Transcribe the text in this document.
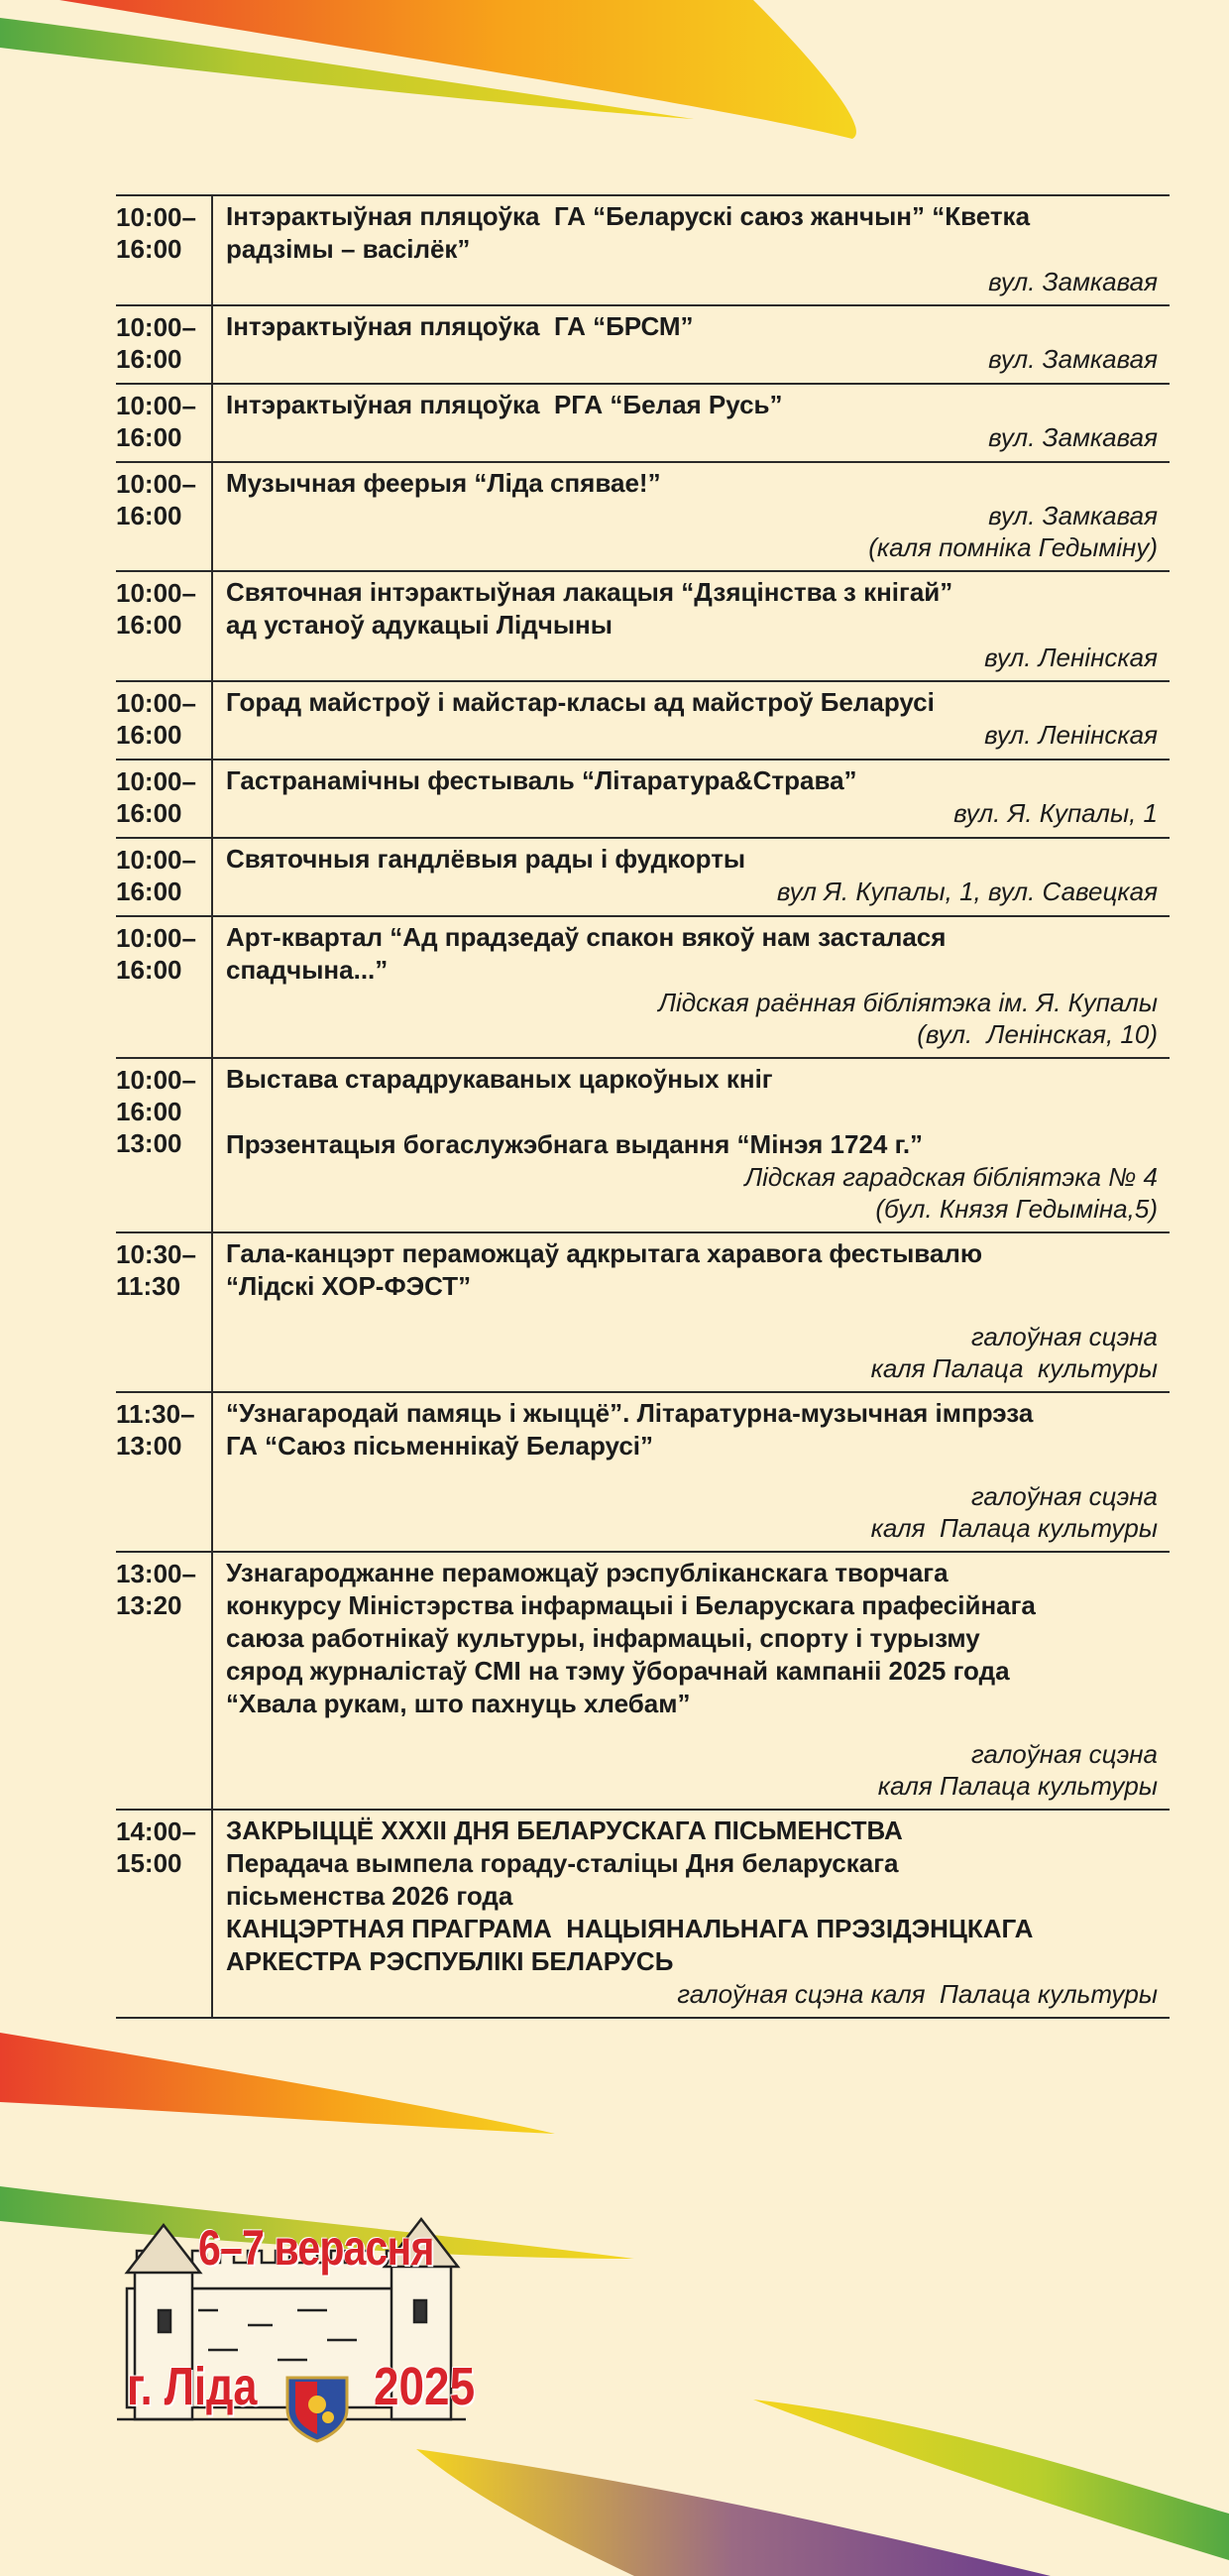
10:00–
16:00
Інтэрактыўная пляцоўка  ГА “Беларускі саюз жанчын” “Кветка
радзімы – васілёк”
вул. Замкавая
10:00–
16:00
Інтэрактыўная пляцоўка  ГА “БРСМ”
вул. Замкавая
10:00–
16:00
Інтэрактыўная пляцоўка  РГА “Белая Русь”
вул. Замкавая
10:00–
16:00
Музычная феерыя “Ліда спявае!”
вул. Замкавая
(каля помніка Гедыміну)
10:00–
16:00
Святочная інтэрактыўная лакацыя “Дзяцінства з кнігай”
ад устаноў адукацыі Лідчыны
вул. Ленінская
10:00–
16:00
Горад майстроў і майстар-класы ад майстроў Беларусі
вул. Ленінская
10:00–
16:00
Гастранамічны фестываль “Літаратура&Страва”
вул. Я. Купалы, 1
10:00–
16:00
Святочныя гандлёвыя рады і фудкорты
вул Я. Купалы, 1, вул. Савецкая
10:00–
16:00
Арт-квартал “Ад прадзедаў спакон вякоў нам засталася
спадчына...”
Лідская раённая бібліятэка ім. Я. Купалы
(вул.  Ленінская, 10)
10:00–
16:00
13:00
Выстава старадрукаваных царкоўных кніг
Прэзентацыя богаслужэбнага выдання “Мінэя 1724 г.”
Лідская гарадская бібліятэка № 4
(бул. Князя Гедыміна,5)
10:30–
11:30
Гала-канцэрт пераможцаў адкрытага харавога фестывалю
“Лідскі ХОР-ФЭСТ”
галоўная сцэна
каля Палаца  культуры
11:30–
13:00
“Узнагародай памяць і жыццё”. Літаратурна-музычная імпрэза
ГА “Саюз пісьменнікаў Беларусі”
галоўная сцэна
каля  Палаца культуры
13:00–
13:20
Узнагароджанне пераможцаў рэспубліканскага творчага
конкурсу Міністэрства інфармацыі і Беларускага прафесійнага
саюза работнікаў культуры, інфармацыі, спорту і турызму
сярод журналістаў СМІ на тэму ўборачнай кампаніі 2025 года
“Хвала рукам, што пахнуць хлебам”
галоўная сцэна
каля Палаца культуры
14:00–
15:00
ЗАКРЫЦЦЁ ХХХІІ ДНЯ БЕЛАРУСКАГА ПІСЬМЕНСТВА
Перадача вымпела гораду-сталіцы Дня беларускага
пісьменства 2026 года
КАНЦЭРТНАЯ ПРАГРАМА  НАЦЫЯНАЛЬНАГА ПРЭЗІДЭНЦКАГА
АРКЕСТРА РЭСПУБЛІКІ БЕЛАРУСЬ
галоўная сцэна каля  Палаца культуры
6–7 верасня
г. Ліда 2025
